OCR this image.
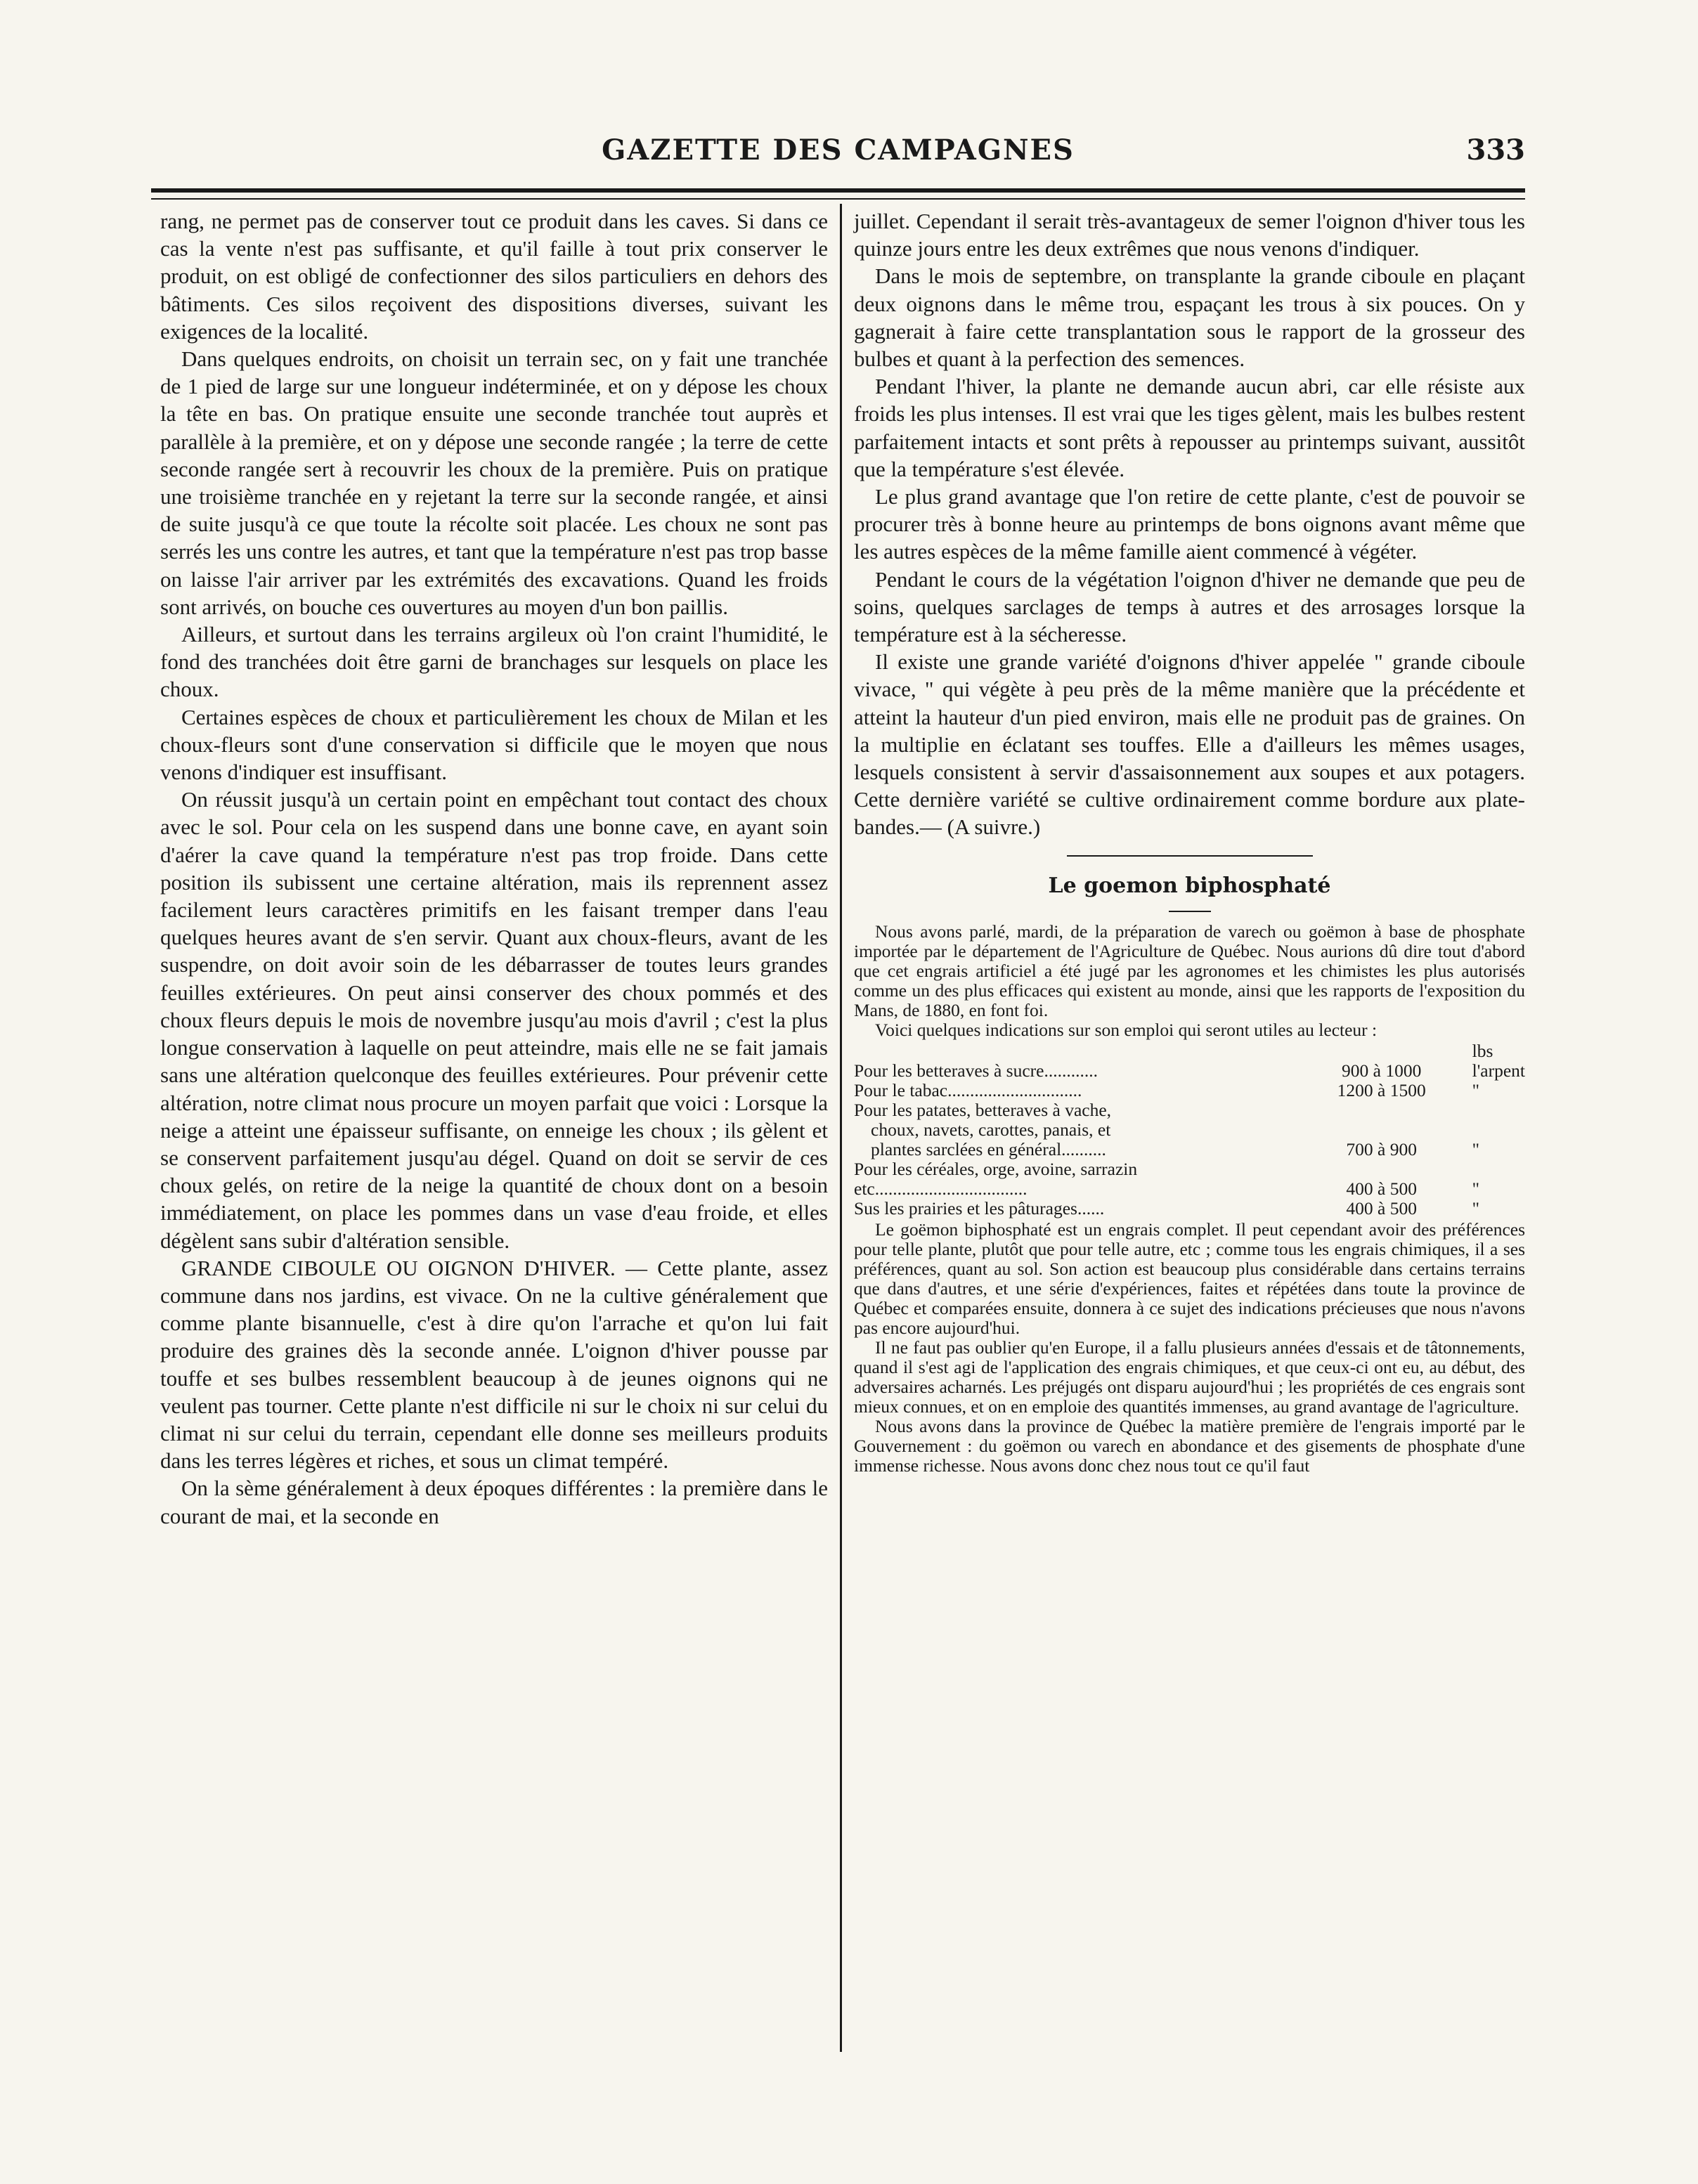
GAZETTE DES CAMPAGNES	333

rang, ne permet pas de conserver tout ce produit dans les caves. Si dans ce cas la vente n'est pas suffisante, et qu'il faille à tout prix conserver le produit, on est obligé de confectionner des silos particuliers en dehors des bâtiments. Ces silos reçoivent des dispositions diverses, suivant les exigences de la localité.

Dans quelques endroits, on choisit un terrain sec, on y fait une tranchée de 1 pied de large sur une longueur indéterminée, et on y dépose les choux la tête en bas. On pratique ensuite une seconde tranchée tout auprès et parallèle à la première, et on y dépose une seconde rangée ; la terre de cette seconde rangée sert à recouvrir les choux de la première. Puis on pratique une troisième tranchée en y rejetant la terre sur la seconde rangée, et ainsi de suite jusqu'à ce que toute la récolte soit placée. Les choux ne sont pas serrés les uns contre les autres, et tant que la température n'est pas trop basse on laisse l'air arriver par les extrémités des excavations. Quand les froids sont arrivés, on bouche ces ouvertures au moyen d'un bon paillis.

Ailleurs, et surtout dans les terrains argileux où l'on craint l'humidité, le fond des tranchées doit être garni de branchages sur lesquels on place les choux.

Certaines espèces de choux et particulièrement les choux de Milan et les choux-fleurs sont d'une conservation si difficile que le moyen que nous venons d'indiquer est insuffisant.

On réussit jusqu'à un certain point en empêchant tout contact des choux avec le sol. Pour cela on les suspend dans une bonne cave, en ayant soin d'aérer la cave quand la température n'est pas trop froide. Dans cette position ils subissent une certaine altération, mais ils reprennent assez facilement leurs caractères primitifs en les faisant tremper dans l'eau quelques heures avant de s'en servir. Quant aux choux-fleurs, avant de les suspendre, on doit avoir soin de les débarrasser de toutes leurs grandes feuilles extérieures. On peut ainsi conserver des choux pommés et des choux fleurs depuis le mois de novembre jusqu'au mois d'avril ; c'est la plus longue conservation à laquelle on peut atteindre, mais elle ne se fait jamais sans une altération quelconque des feuilles extérieures. Pour prévenir cette altération, notre climat nous procure un moyen parfait que voici : Lorsque la neige a atteint une épaisseur suffisante, on enneige les choux ; ils gèlent et se conservent parfaitement jusqu'au dégel. Quand on doit se servir de ces choux gelés, on retire de la neige la quantité de choux dont on a besoin immédiatement, on place les pommes dans un vase d'eau froide, et elles dégèlent sans subir d'altération sensible.

GRANDE CIBOULE OU OIGNON D'HIVER. — Cette plante, assez commune dans nos jardins, est vivace. On ne la cultive généralement que comme plante bisannuelle, c'est à dire qu'on l'arrache et qu'on lui fait produire des graines dès la seconde année. L'oignon d'hiver pousse par touffe et ses bulbes ressemblent beaucoup à de jeunes oignons qui ne veulent pas tourner. Cette plante n'est difficile ni sur le choix ni sur celui du climat ni sur celui du terrain, cependant elle donne ses meilleurs produits dans les terres légères et riches, et sous un climat tempéré.

On la sème généralement à deux époques différentes : la première dans le courant de mai, et la seconde en

juillet. Cependant il serait très-avantageux de semer l'oignon d'hiver tous les quinze jours entre les deux extrêmes que nous venons d'indiquer.

Dans le mois de septembre, on transplante la grande ciboule en plaçant deux oignons dans le même trou, espaçant les trous à six pouces. On y gagnerait à faire cette transplantation sous le rapport de la grosseur des bulbes et quant à la perfection des semences.

Pendant l'hiver, la plante ne demande aucun abri, car elle résiste aux froids les plus intenses. Il est vrai que les tiges gèlent, mais les bulbes restent parfaitement intacts et sont prêts à repousser au printemps suivant, aussitôt que la température s'est élevée.

Le plus grand avantage que l'on retire de cette plante, c'est de pouvoir se procurer très à bonne heure au printemps de bons oignons avant même que les autres espèces de la même famille aient commencé à végéter.

Pendant le cours de la végétation l'oignon d'hiver ne demande que peu de soins, quelques sarclages de temps à autres et des arrosages lorsque la température est à la sécheresse.

Il existe une grande variété d'oignons d'hiver appelée " grande ciboule vivace, " qui végète à peu près de la même manière que la précédente et atteint la hauteur d'un pied environ, mais elle ne produit pas de graines. On la multiplie en éclatant ses touffes. Elle a d'ailleurs les mêmes usages, lesquels consistent à servir d'assaisonnement aux soupes et aux potagers. Cette dernière variété se cultive ordinairement comme bordure aux plate-bandes.— (A suivre.)

Le goemon biphosphaté

Nous avons parlé, mardi, de la préparation de varech ou goëmon à base de phosphate importée par le département de l'Agriculture de Québec. Nous aurions dû dire tout d'abord que cet engrais artificiel a été jugé par les agronomes et les chimistes les plus autorisés comme un des plus efficaces qui existent au monde, ainsi que les rapports de l'exposition du Mans, de 1880, en font foi.

Voici quelques indications sur son emploi qui seront utiles au lecteur :

Pour les betteraves à sucre............	900 à 1000	lbs l'arpent
Pour le tabac..............................	1200 à 1500	"
Pour les patates, betteraves à vache,		
choux, navets, carottes, panais, et		
plantes sarclées en général..........	700 à 900	"
Pour les céréales, orge, avoine, sarrazin etc..................................	400 à 500	"
Sus les prairies et les pâturages......	400 à 500	"

Le goëmon biphosphaté est un engrais complet. Il peut cependant avoir des préférences pour telle plante, plutôt que pour telle autre, etc ; comme tous les engrais chimiques, il a ses préférences, quant au sol. Son action est beaucoup plus considérable dans certains terrains que dans d'autres, et une série d'expériences, faites et répétées dans toute la province de Québec et comparées ensuite, donnera à ce sujet des indications précieuses que nous n'avons pas encore aujourd'hui.

Il ne faut pas oublier qu'en Europe, il a fallu plusieurs années d'essais et de tâtonnements, quand il s'est agi de l'application des engrais chimiques, et que ceux-ci ont eu, au début, des adversaires acharnés. Les préjugés ont disparu aujourd'hui ; les propriétés de ces engrais sont mieux connues, et on en emploie des quantités immenses, au grand avantage de l'agriculture.

Nous avons dans la province de Québec la matière première de l'engrais importé par le Gouvernement : du goëmon ou varech en abondance et des gisements de phosphate d'une immense richesse. Nous avons donc chez nous tout ce qu'il faut
